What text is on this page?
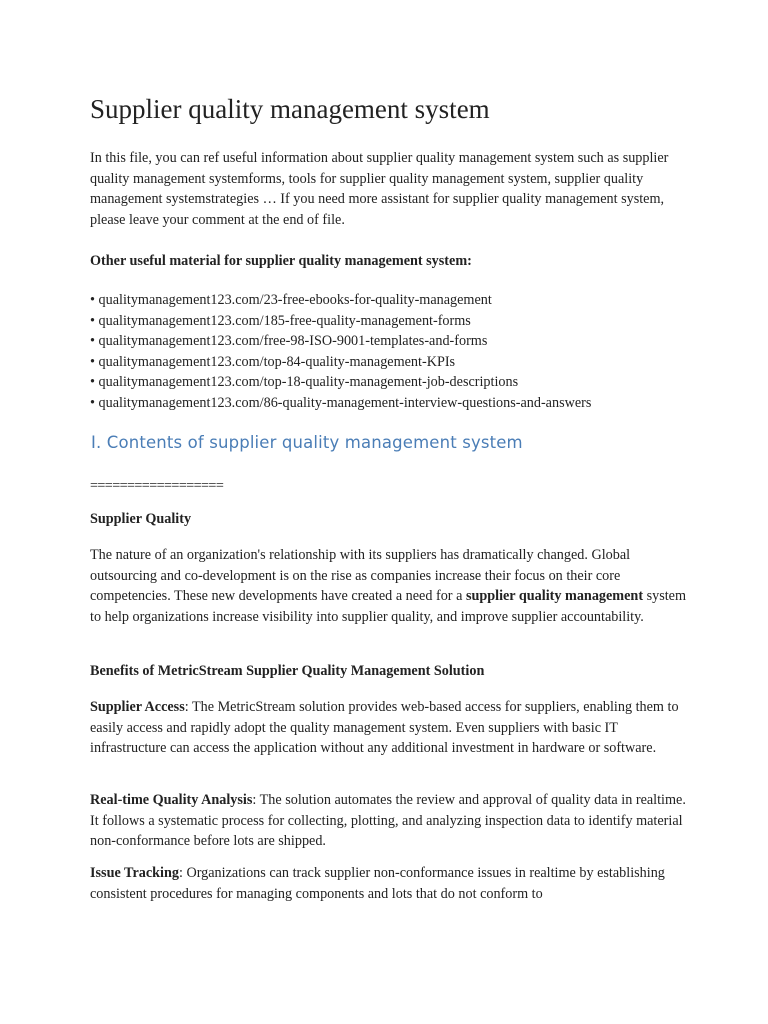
Supplier quality management system

In this file, you can ref useful information about supplier quality management system such as supplier quality management systemforms, tools for supplier quality management system, supplier quality management systemstrategies … If you need more assistant for supplier quality management system, please leave your comment at the end of file.

Other useful material for supplier quality management system:

• qualitymanagement123.com/23-free-ebooks-for-quality-management
• qualitymanagement123.com/185-free-quality-management-forms
• qualitymanagement123.com/free-98-ISO-9001-templates-and-forms
• qualitymanagement123.com/top-84-quality-management-KPIs
• qualitymanagement123.com/top-18-quality-management-job-descriptions
• qualitymanagement123.com/86-quality-management-interview-questions-and-answers
I. Contents of supplier quality management system

==================

Supplier Quality

The nature of an organization's relationship with its suppliers has dramatically changed. Global outsourcing and co-development is on the rise as companies increase their focus on their core competencies. These new developments have created a need for a supplier quality management system to help organizations increase visibility into supplier quality, and improve supplier accountability.

Benefits of MetricStream Supplier Quality Management Solution

Supplier Access: The MetricStream solution provides web-based access for suppliers, enabling them to easily access and rapidly adopt the quality management system. Even suppliers with basic IT infrastructure can access the application without any additional investment in hardware or software.

Real-time Quality Analysis: The solution automates the review and approval of quality data in realtime. It follows a systematic process for collecting, plotting, and analyzing inspection data to identify material non-conformance before lots are shipped.

Issue Tracking: Organizations can track supplier non-conformance issues in realtime by establishing consistent procedures for managing components and lots that do not conform to
